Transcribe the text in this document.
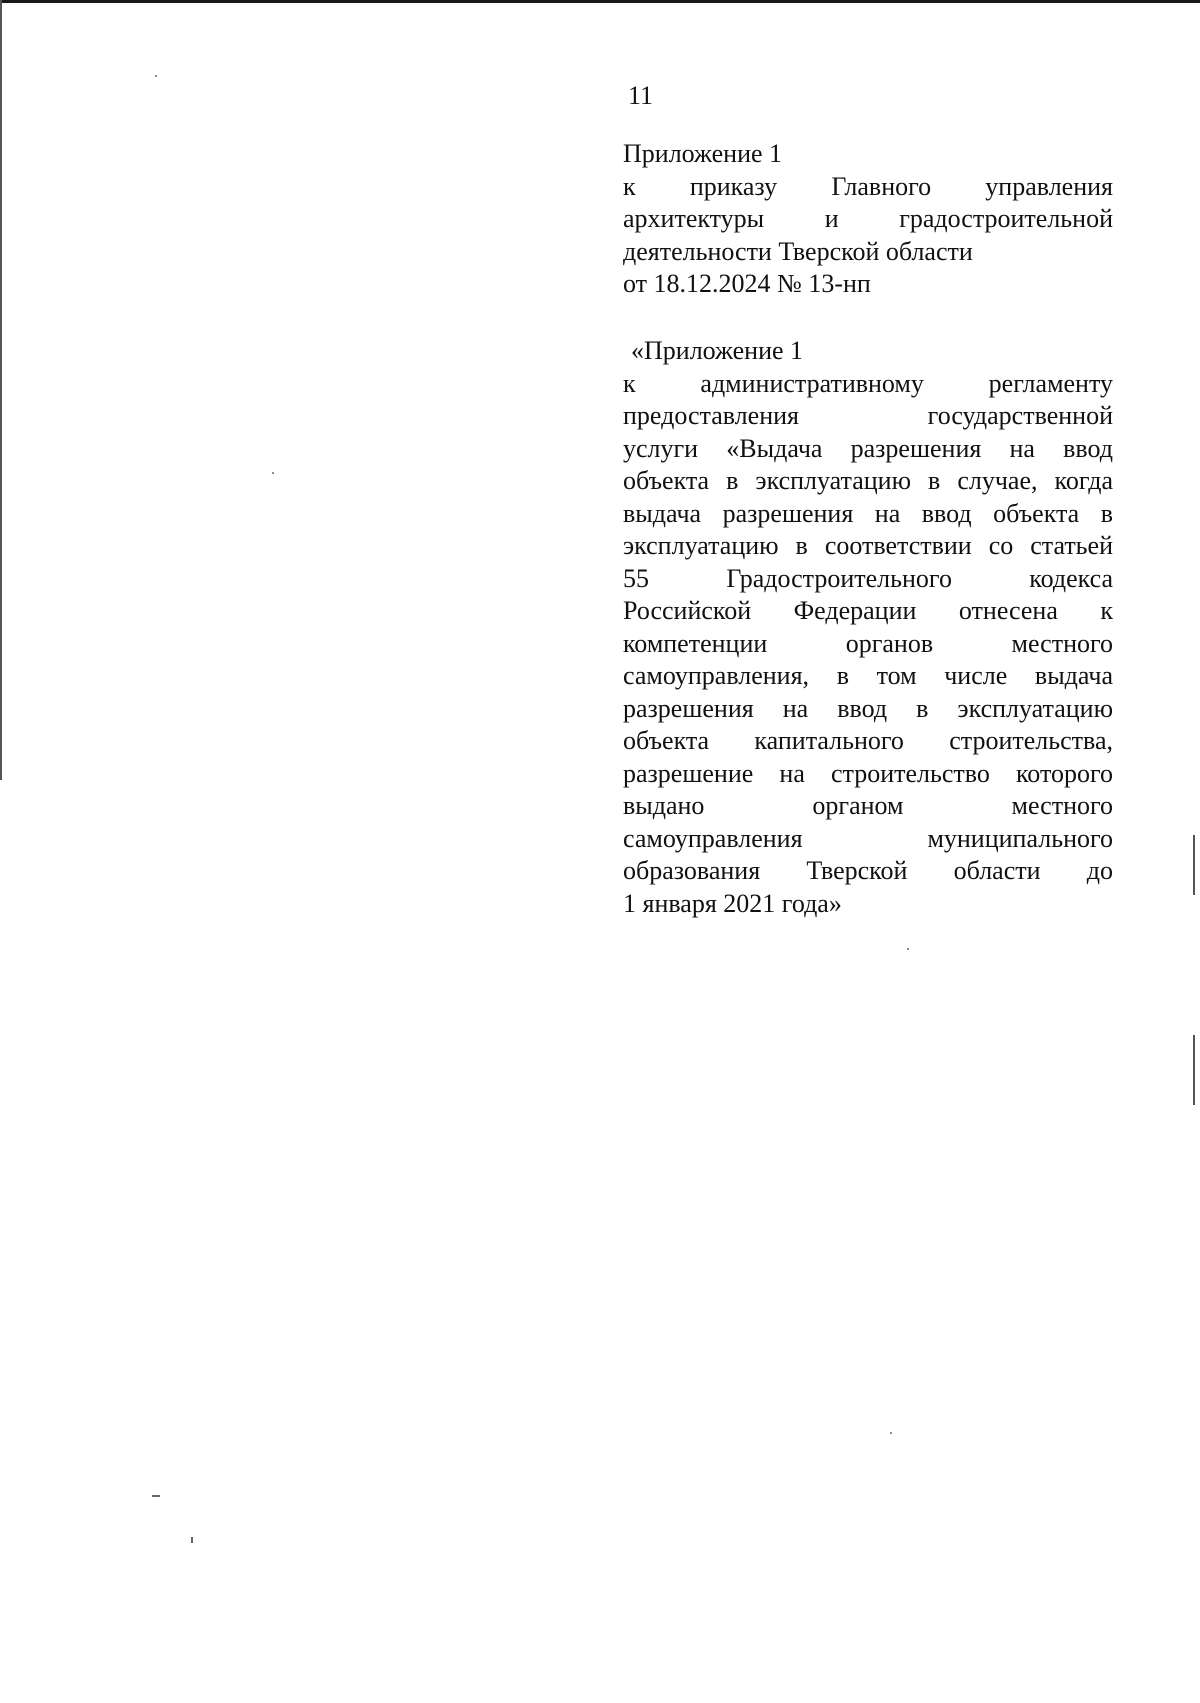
11

Приложение 1
к приказу Главного управления
архитектуры и градостроительной
деятельности Тверской области
от 18.12.2024 № 13-нп
«Приложение 1
к административному регламенту
предоставления государственной
услуги «Выдача разрешения на ввод
объекта в эксплуатацию в случае, когда
выдача разрешения на ввод объекта в
эксплуатацию в соответствии со статьей
55 Градостроительного кодекса
Российской Федерации отнесена к
компетенции органов местного
самоуправления, в том числе выдача
разрешения на ввод в эксплуатацию
объекта капитального строительства,
разрешение на строительство которого
выдано органом местного
самоуправления муниципального
образования Тверской области до
1 января 2021 года»
